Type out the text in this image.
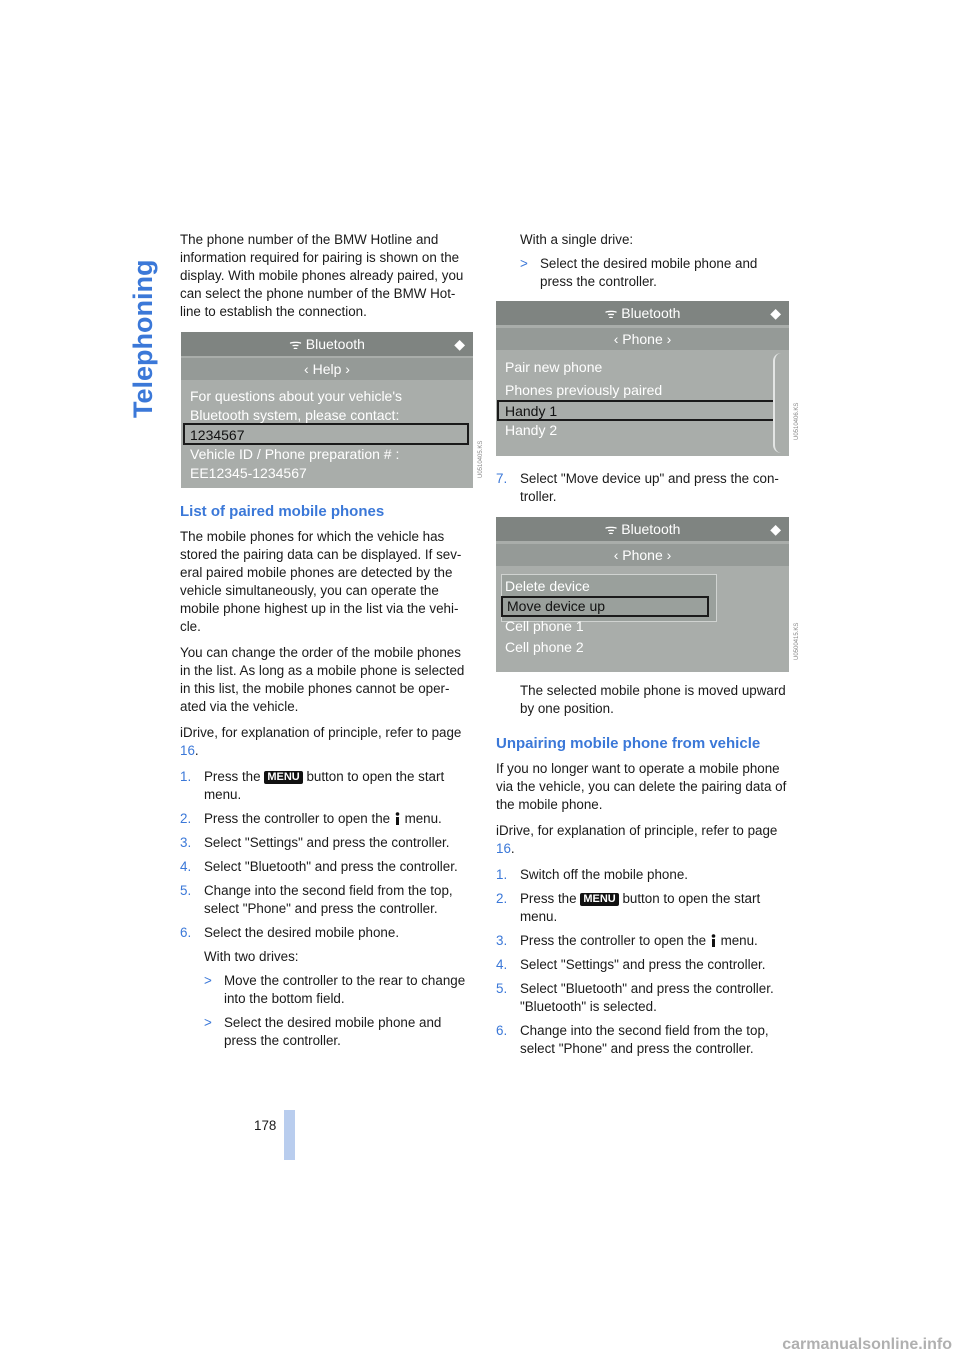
Telephoning

The phone number of the BMW Hotline and information required for pairing is shown on the display. With mobile phones already paired, you can select the phone number of the BMW Hot-line to establish the connection.

ᯤ Bluetooth	◆
‹ Help ›
For questions about your vehicle's
Bluetooth system, please contact:
1234567
Vehicle ID / Phone preparation # :
EE12345-1234567	U0510405.KS
List of paired mobile phones

The mobile phones for which the vehicle has stored the pairing data can be displayed. If sev-eral paired mobile phones are detected by the vehicle simultaneously, you can operate the mobile phone highest up in the list via the vehi-cle.

You can change the order of the mobile phones in the list. As long as a mobile phone is selected in this list, the mobile phones cannot be oper-ated via the vehicle.

iDrive, for explanation of principle, refer to page 16.

1. Press the MENU button to open the start menu.
2. Press the controller to open the menu.
3. Select "Settings" and press the controller.
4. Select "Bluetooth" and press the controller.
5. Change into the second field from the top, select "Phone" and press the controller.
6. Select the desired mobile phone.
With two drives:
> Move the controller to the rear to change into the bottom field.
> Select the desired mobile phone and press the controller.
With a single drive:
> Select the desired mobile phone and press the controller.
ᯤ Bluetooth	◆
‹ Phone ›
Pair new phone
Phones previously paired
Handy 1
Handy 2	U0510406.KS
7. Select "Move device up" and press the con-troller.
ᯤ Bluetooth	◆
‹ Phone ›
Delete device
Move device up
Cell phone 1
Cell phone 2	U0500415.KS
The selected mobile phone is moved upward by one position.
Unpairing mobile phone from vehicle

If you no longer want to operate a mobile phone via the vehicle, you can delete the pairing data of the mobile phone.

iDrive, for explanation of principle, refer to page 16.

1. Switch off the mobile phone.
2. Press the MENU button to open the start menu.
3. Press the controller to open the menu.
4. Select "Settings" and press the controller.
5. Select "Bluetooth" and press the controller. "Bluetooth" is selected.
6. Change into the second field from the top, select "Phone" and press the controller.
178
carmanualsonline.info
